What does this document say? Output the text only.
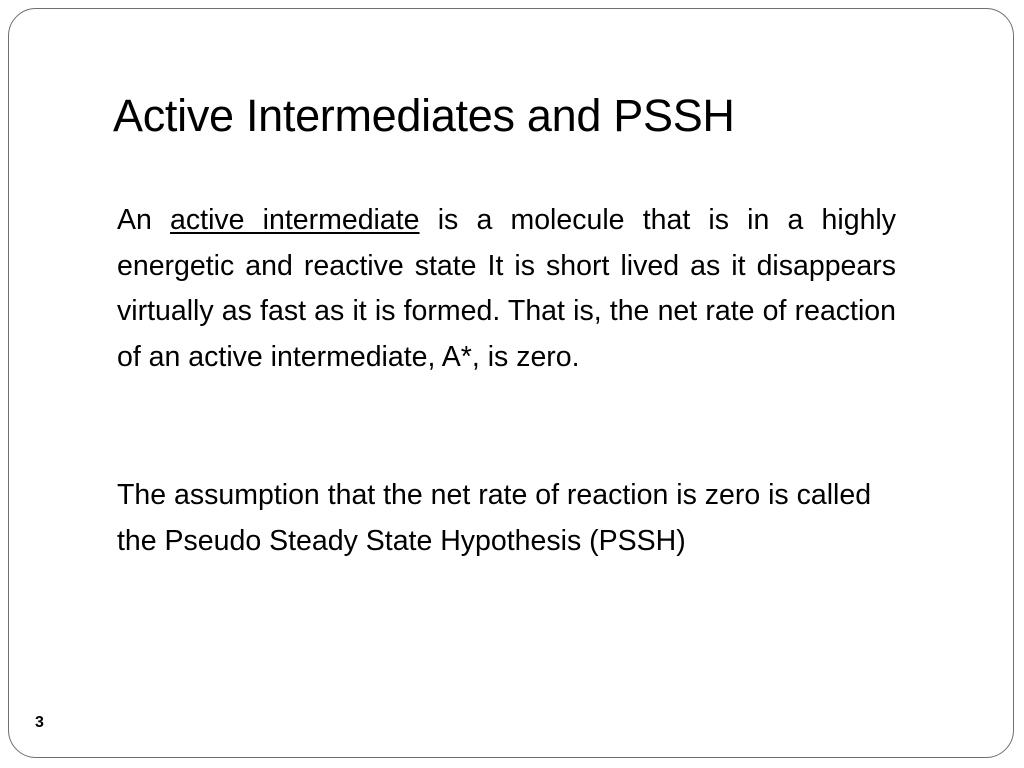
Active Intermediates and PSSH

An active intermediate is a molecule that is in a highly energetic and reactive state It is short lived as it disappears virtually as fast as it is formed. That is, the net rate of reaction of an active intermediate, A*, is zero.

The assumption that the net rate of reaction is zero is called the Pseudo Steady State Hypothesis (PSSH)

3
